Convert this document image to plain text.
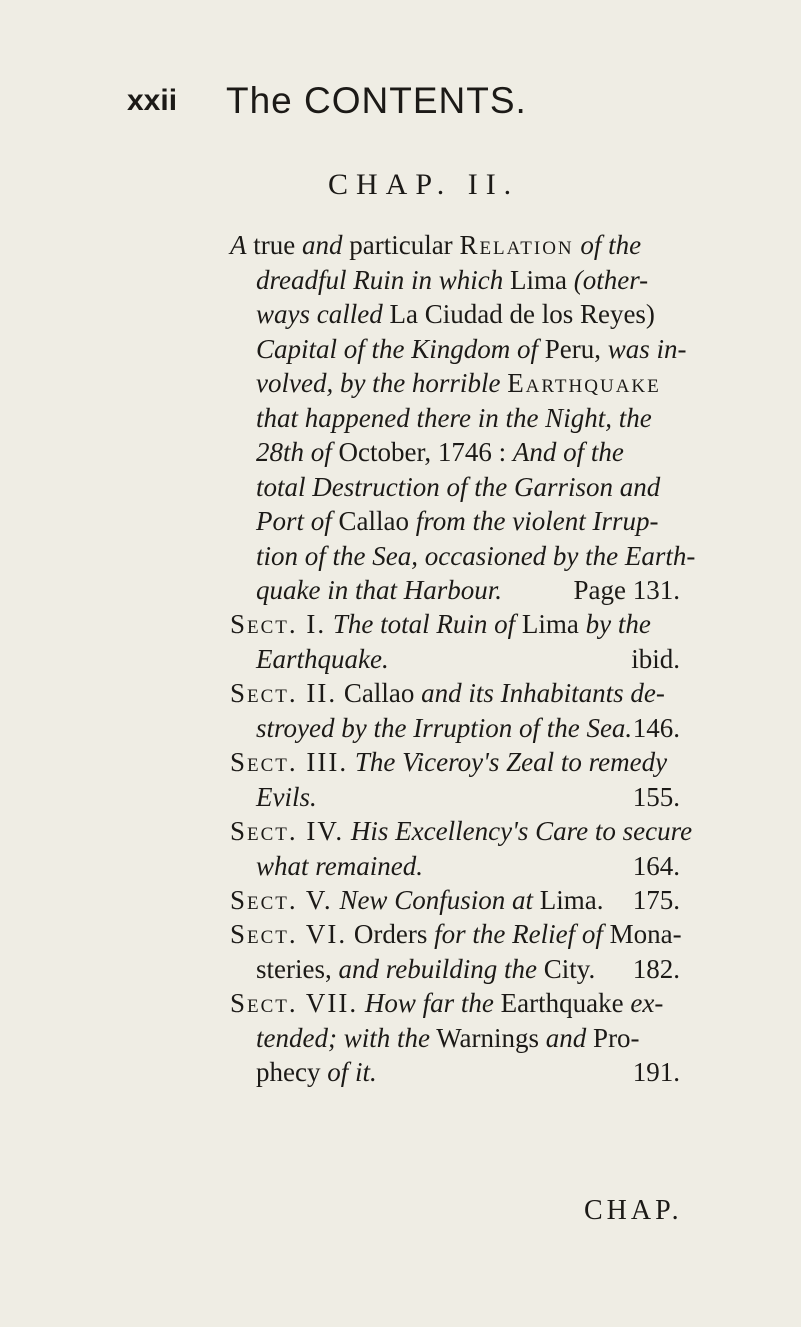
xxii The CONTENTS.
CHAP. II.
A true and particular Relation of the
dreadful Ruin in which Lima (other-
ways called La Ciudad de los Reyes)
Capital of the Kingdom of Peru, was in-
volved, by the horrible Earthquake
that happened there in the Night, the
28th of October, 1746 : And of the
total Destruction of the Garrison and
Port of Callao from the violent Irrup-
tion of the Sea, occasioned by the Earth-
quake in that Harbour.	Page 131.
Sect. I. The total Ruin of Lima by the
Earthquake.	ibid.
Sect. II. Callao and its Inhabitants de-
stroyed by the Irruption of the Sea. 146.
Sect. III. The Viceroy's Zeal to remedy
Evils.	155.
Sect. IV. His Excellency's Care to secure
what remained.	164.
Sect. V. New Confusion at Lima. 175.
Sect. VI. Orders for the Relief of Mona-
steries, and rebuilding the City. 182.
Sect. VII. How far the Earthquake ex-
tended; with the Warnings and Pro-
phecy of it.	191.
CHAP.
